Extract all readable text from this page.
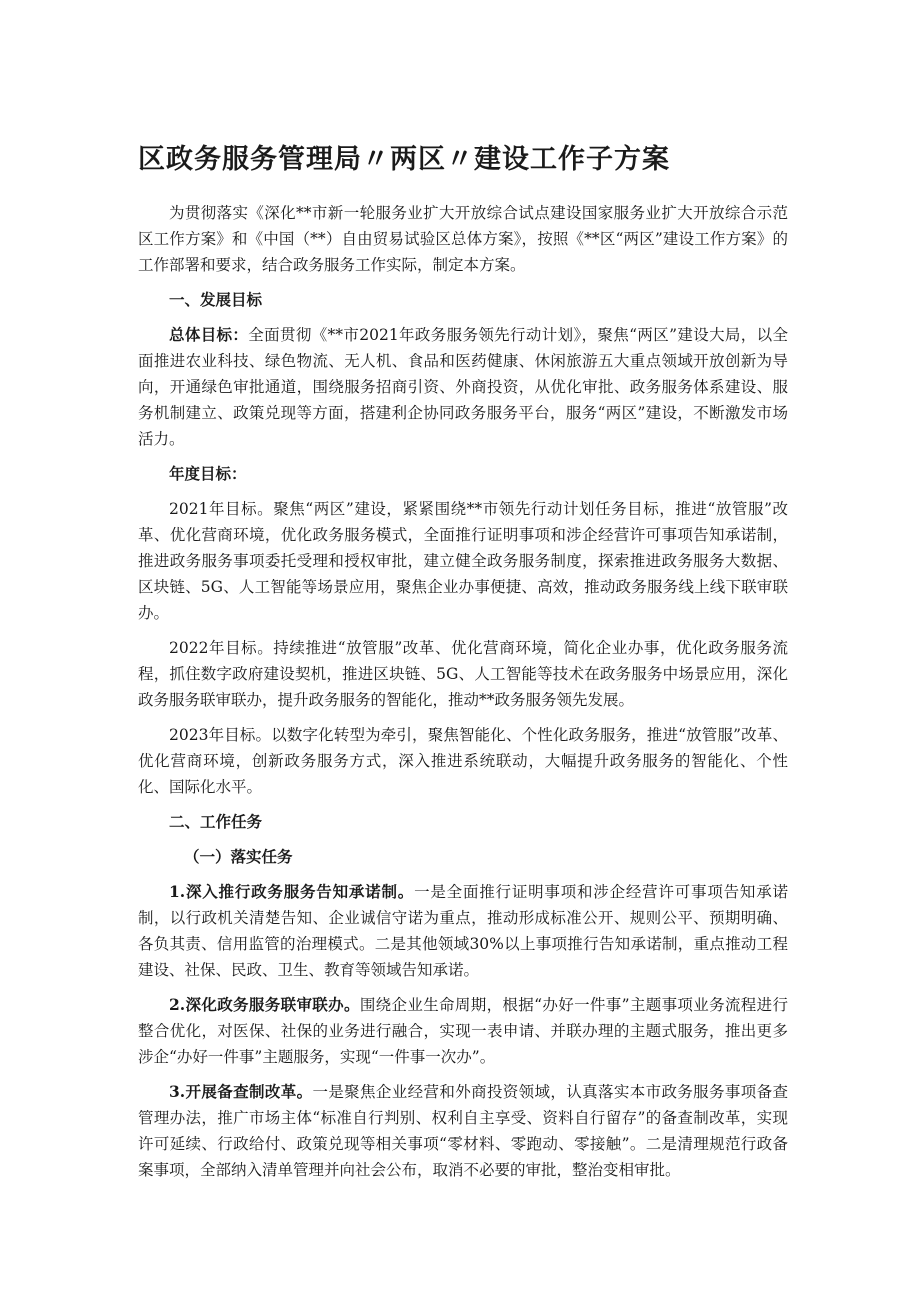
区政务服务管理局〃两区〃建设工作子方案

为贯彻落实《深化**市新一轮服务业扩大开放综合试点建设国家服务业扩大开放综合示范区工作方案》和《中国（**）自由贸易试验区总体方案》，按照《**区“两区”建设工作方案》的工作部署和要求，结合政务服务工作实际，制定本方案。

一、发展目标

总体目标：全面贯彻《**市2021年政务服务领先行动计划》，聚焦“两区”建设大局，以全面推进农业科技、绿色物流、无人机、食品和医药健康、休闲旅游五大重点领域开放创新为导向，开通绿色审批通道，围绕服务招商引资、外商投资，从优化审批、政务服务体系建设、服务机制建立、政策兑现等方面，搭建利企协同政务服务平台，服务“两区”建设，不断激发市场活力。

年度目标：

2021年目标。聚焦“两区”建设，紧紧围绕**市领先行动计划任务目标，推进“放管服”改革、优化营商环境，优化政务服务模式，全面推行证明事项和涉企经营许可事项告知承诺制，推进政务服务事项委托受理和授权审批，建立健全政务服务制度，探索推进政务服务大数据、区块链、5G、人工智能等场景应用，聚焦企业办事便捷、高效，推动政务服务线上线下联审联办。

2022年目标。持续推进“放管服”改革、优化营商环境，简化企业办事，优化政务服务流程，抓住数字政府建设契机，推进区块链、5G、人工智能等技术在政务服务中场景应用，深化政务服务联审联办，提升政务服务的智能化，推动**政务服务领先发展。

2023年目标。以数字化转型为牵引，聚焦智能化、个性化政务服务，推进“放管服”改革、优化营商环境，创新政务服务方式，深入推进系统联动，大幅提升政务服务的智能化、个性化、国际化水平。

二、工作任务

（一）落实任务

1.深入推行政务服务告知承诺制。一是全面推行证明事项和涉企经营许可事项告知承诺制，以行政机关清楚告知、企业诚信守诺为重点，推动形成标准公开、规则公平、预期明确、各负其责、信用监管的治理模式。二是其他领域30%以上事项推行告知承诺制，重点推动工程建设、社保、民政、卫生、教育等领域告知承诺。

2.深化政务服务联审联办。围绕企业生命周期，根据“办好一件事”主题事项业务流程进行整合优化，对医保、社保的业务进行融合，实现一表申请、并联办理的主题式服务，推出更多涉企“办好一件事”主题服务，实现“一件事一次办”。

3.开展备查制改革。一是聚焦企业经营和外商投资领域，认真落实本市政务服务事项备查管理办法，推广市场主体“标准自行判别、权利自主享受、资料自行留存”的备查制改革，实现许可延续、行政给付、政策兑现等相关事项“零材料、零跑动、零接触”。二是清理规范行政备案事项，全部纳入清单管理并向社会公布，取消不必要的审批，整治变相审批。
